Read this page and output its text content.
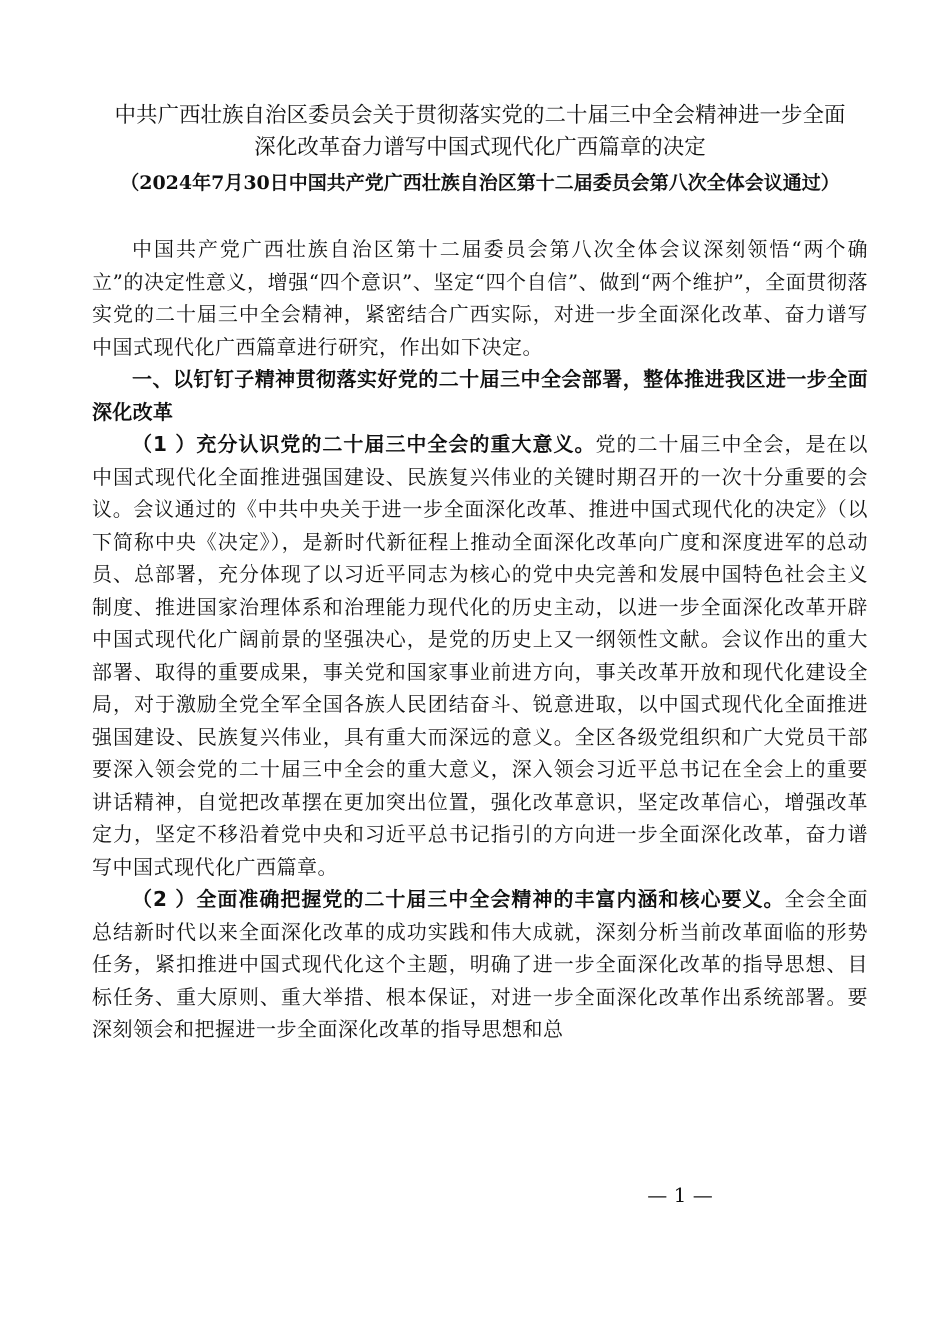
中共广西壮族自治区委员会关于贯彻落实党的二十届三中全会精神进一步全面
深化改革奋力谱写中国式现代化广西篇章的决定

（2024年7月30日中国共产党广西壮族自治区第十二届委员会第八次全体会议通过）

中国共产党广西壮族自治区第十二届委员会第八次全体会议深刻领悟“两个确立”的决定性意义，增强“四个意识”、坚定“四个自信”、做到“两个维护”，全面贯彻落实党的二十届三中全会精神，紧密结合广西实际，对进一步全面深化改革、奋力谱写中国式现代化广西篇章进行研究，作出如下决定。

一、以钉钉子精神贯彻落实好党的二十届三中全会部署，整体推进我区进一步全面深化改革

（1 ）充分认识党的二十届三中全会的重大意义。党的二十届三中全会，是在以中国式现代化全面推进强国建设、民族复兴伟业的关键时期召开的一次十分重要的会议。会议通过的《中共中央关于进一步全面深化改革、推进中国式现代化的决定》（以下简称中央《决定》），是新时代新征程上推动全面深化改革向广度和深度进军的总动员、总部署，充分体现了以习近平同志为核心的党中央完善和发展中国特色社会主义制度、推进国家治理体系和治理能力现代化的历史主动，以进一步全面深化改革开辟中国式现代化广阔前景的坚强决心，是党的历史上又一纲领性文献。会议作出的重大部署、取得的重要成果，事关党和国家事业前进方向，事关改革开放和现代化建设全局，对于激励全党全军全国各族人民团结奋斗、锐意进取，以中国式现代化全面推进强国建设、民族复兴伟业，具有重大而深远的意义。全区各级党组织和广大党员干部要深入领会党的二十届三中全会的重大意义，深入领会习近平总书记在全会上的重要讲话精神，自觉把改革摆在更加突出位置，强化改革意识，坚定改革信心，增强改革定力，坚定不移沿着党中央和习近平总书记指引的方向进一步全面深化改革，奋力谱写中国式现代化广西篇章。

（2 ）全面准确把握党的二十届三中全会精神的丰富内涵和核心要义。全会全面总结新时代以来全面深化改革的成功实践和伟大成就，深刻分析当前改革面临的形势任务，紧扣推进中国式现代化这个主题，明确了进一步全面深化改革的指导思想、目标任务、重大原则、重大举措、根本保证，对进一步全面深化改革作出系统部署。要深刻领会和把握进一步全面深化改革的指导思想和总

— 1 —
